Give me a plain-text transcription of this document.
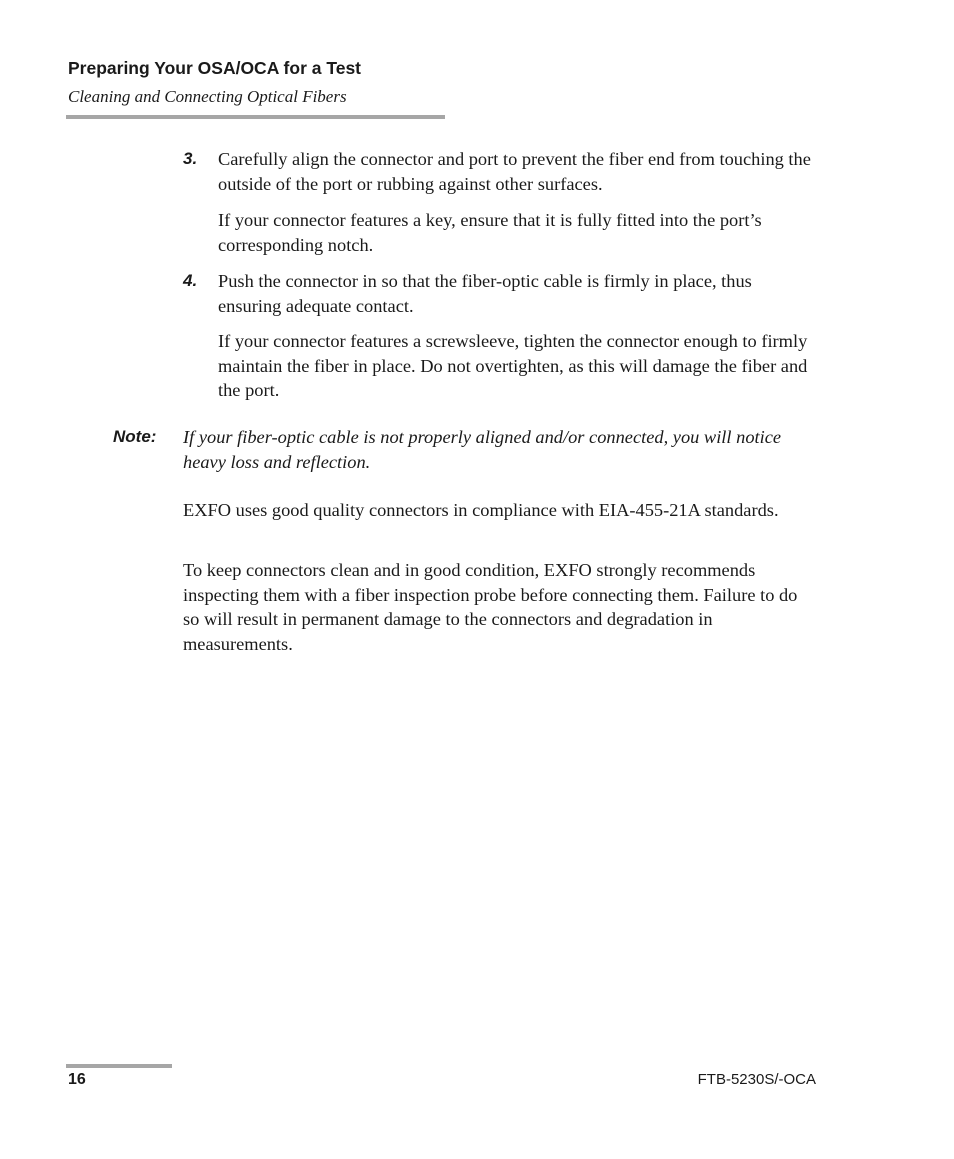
Preparing Your OSA/OCA for a Test
Cleaning and Connecting Optical Fibers
3. Carefully align the connector and port to prevent the fiber end from touching the outside of the port or rubbing against other surfaces.
If your connector features a key, ensure that it is fully fitted into the port’s corresponding notch.
4. Push the connector in so that the fiber-optic cable is firmly in place, thus ensuring adequate contact.
If your connector features a screwsleeve, tighten the connector enough to firmly maintain the fiber in place. Do not overtighten, as this will damage the fiber and the port.
Note: If your fiber-optic cable is not properly aligned and/or connected, you will notice heavy loss and reflection.
EXFO uses good quality connectors in compliance with EIA-455-21A standards.
To keep connectors clean and in good condition, EXFO strongly recommends inspecting them with a fiber inspection probe before connecting them. Failure to do so will result in permanent damage to the connectors and degradation in measurements.
16	FTB-5230S/-OCA
